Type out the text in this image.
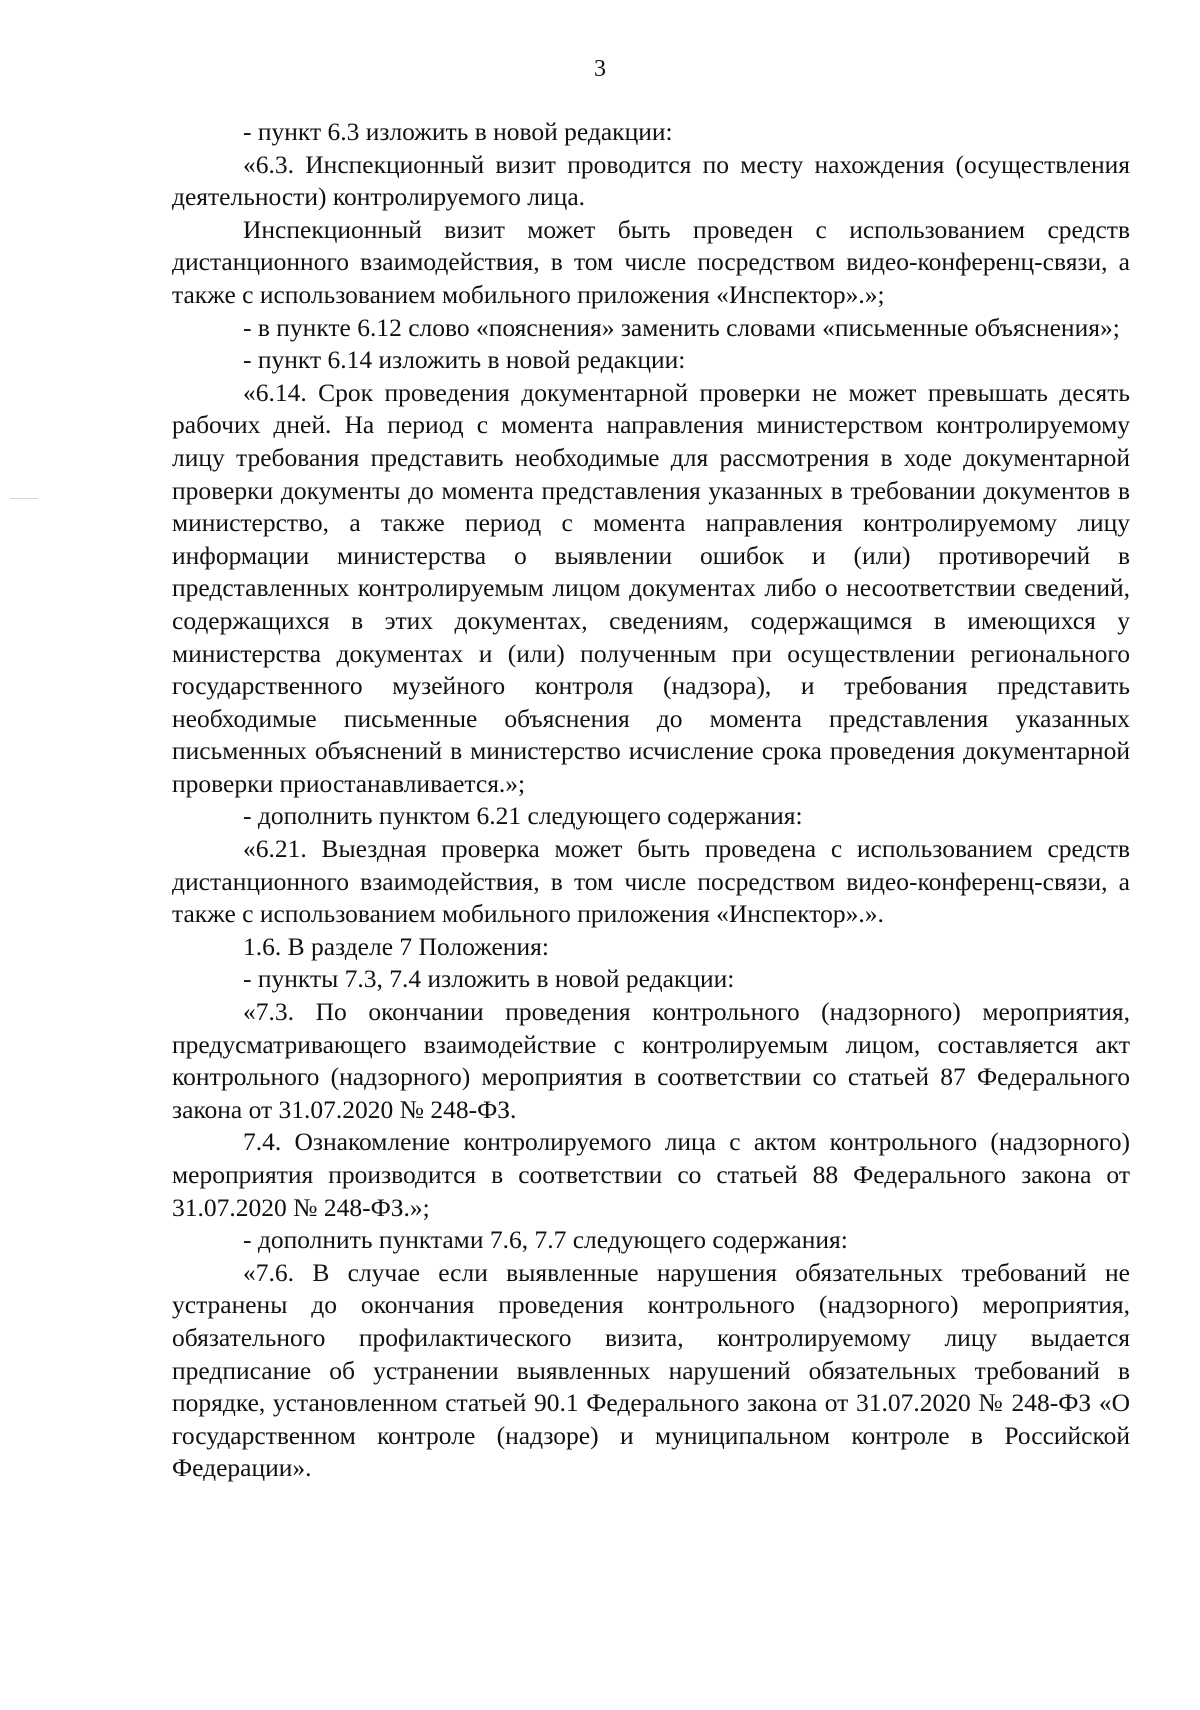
3

- пункт 6.3 изложить в новой редакции:

«6.3. Инспекционный визит проводится по месту нахождения (осуществления деятельности) контролируемого лица.

Инспекционный визит может быть проведен с использованием средств дистанционного взаимодействия, в том числе посредством видео-конференц-связи, а также с использованием мобильного приложения «Инспектор».»;

- в пункте 6.12 слово «пояснения» заменить словами «письменные объяснения»;

- пункт 6.14 изложить в новой редакции:

«6.14. Срок проведения документарной проверки не может превышать десять рабочих дней. На период с момента направления министерством контролируемому лицу требования представить необходимые для рассмотрения в ходе документарной проверки документы до момента представления указанных в требовании документов в министерство, а также период с момента направления контролируемому лицу информации министерства о выявлении ошибок и (или) противоречий в представленных контролируемым лицом документах либо о несоответствии сведений, содержащихся в этих документах, сведениям, содержащимся в имеющихся у министерства документах и (или) полученным при осуществлении регионального государственного музейного контроля (надзора), и требования представить необходимые письменные объяснения до момента представления указанных письменных объяснений в министерство исчисление срока проведения документарной проверки приостанавливается.»;

- дополнить пунктом 6.21 следующего содержания:

«6.21. Выездная проверка может быть проведена с использованием средств дистанционного взаимодействия, в том числе посредством видео-конференц-связи, а также с использованием мобильного приложения «Инспектор».».

1.6. В разделе 7 Положения:

- пункты 7.3, 7.4 изложить в новой редакции:

«7.3. По окончании проведения контрольного (надзорного) мероприятия, предусматривающего взаимодействие с контролируемым лицом, составляется акт контрольного (надзорного) мероприятия в соответствии со статьей 87 Федерального закона от 31.07.2020 № 248-ФЗ.

7.4. Ознакомление контролируемого лица с актом контрольного (надзорного) мероприятия производится в соответствии со статьей 88 Федерального закона от 31.07.2020 № 248-ФЗ.»;

- дополнить пунктами 7.6, 7.7 следующего содержания:

«7.6. В случае если выявленные нарушения обязательных требований не устранены до окончания проведения контрольного (надзорного) мероприятия, обязательного профилактического визита, контролируемому лицу выдается предписание об устранении выявленных нарушений обязательных требований в порядке, установленном статьей 90.1 Федерального закона от 31.07.2020 № 248-ФЗ «О государственном контроле (надзоре) и муниципальном контроле в Российской Федерации».
